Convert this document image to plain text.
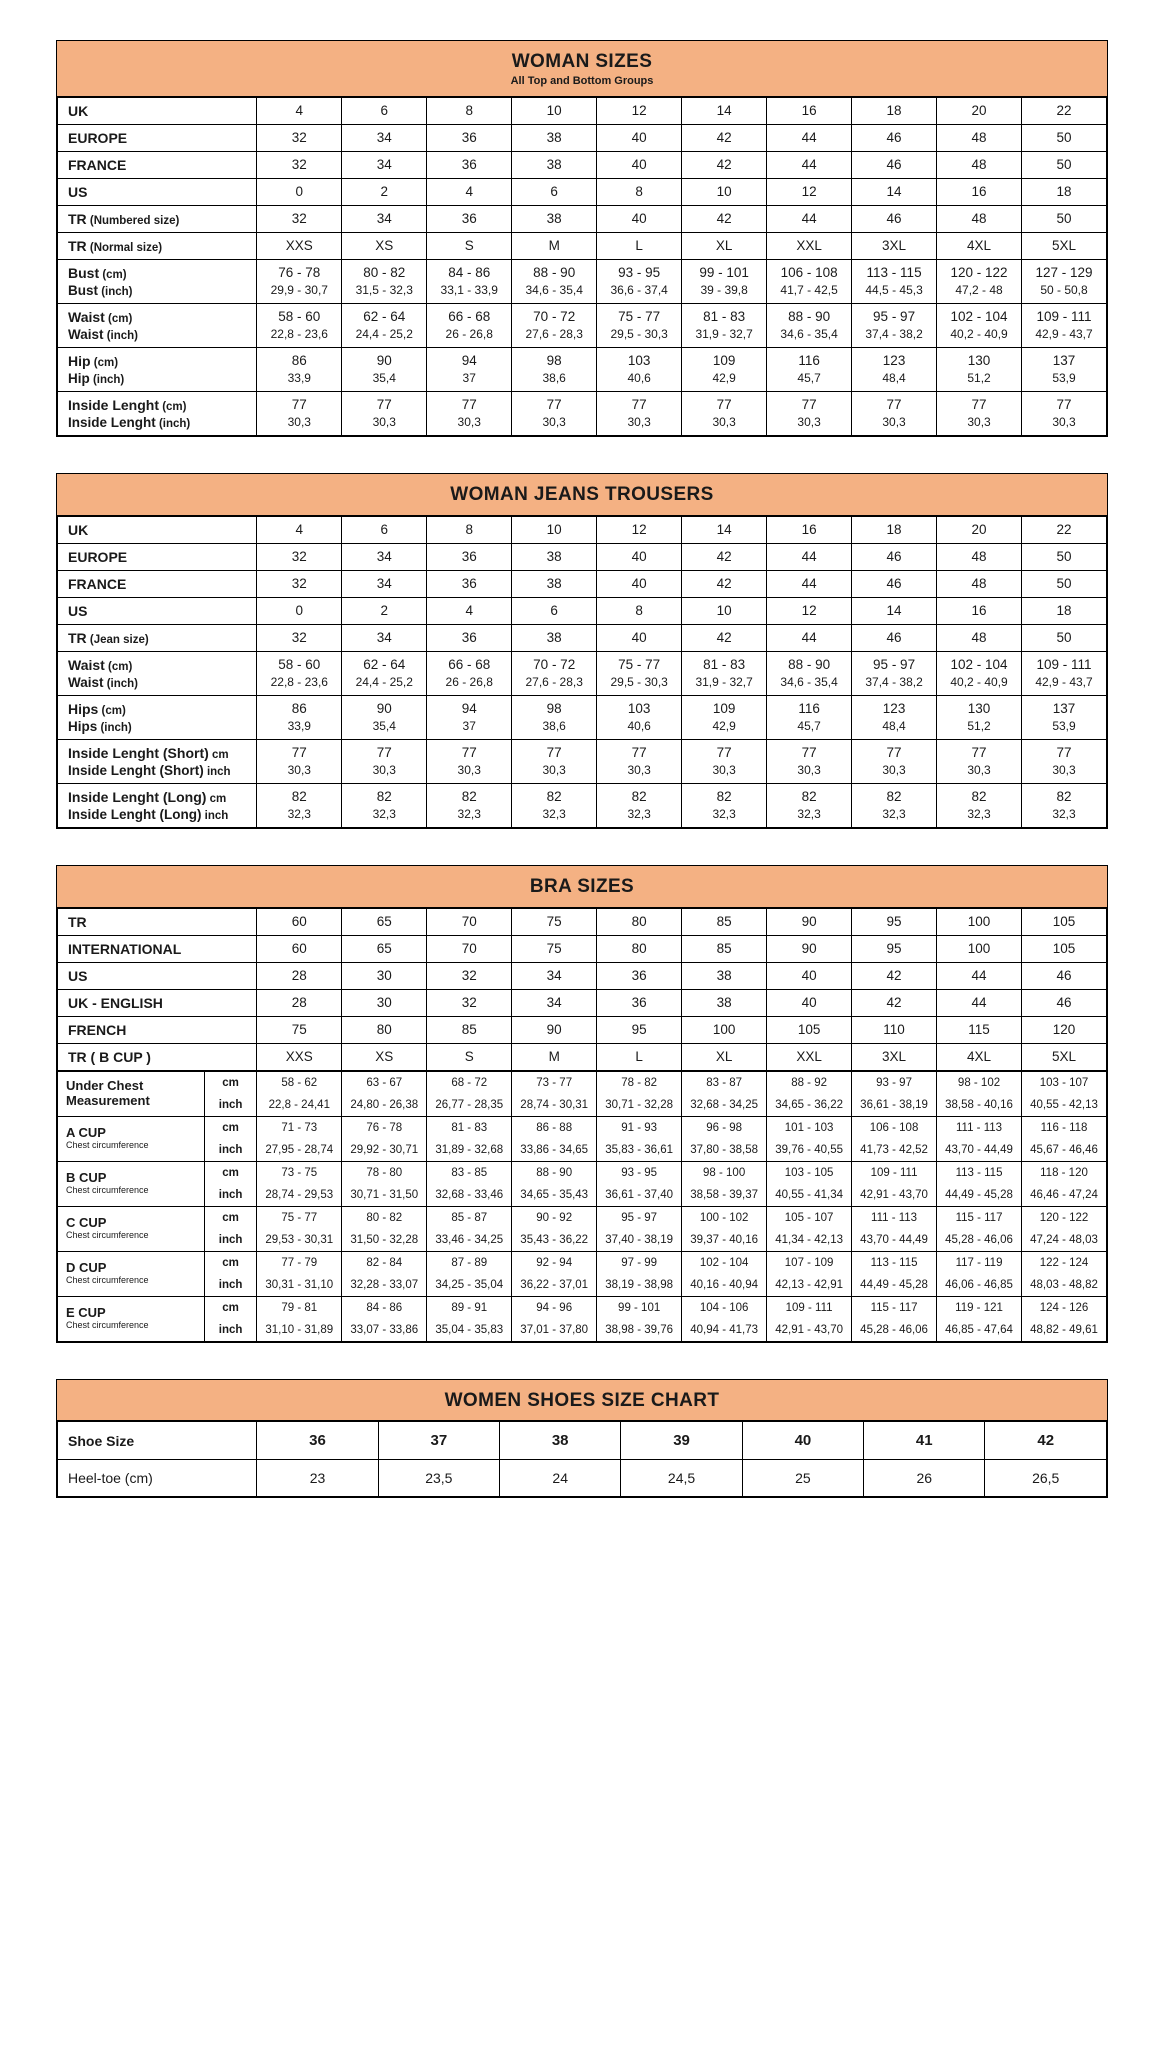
WOMAN SIZES
All Top and Bottom Groups
UK	4	6	8	10	12	14	16	18	20	22
EUROPE	32	34	36	38	40	42	44	46	48	50
FRANCE	32	34	36	38	40	42	44	46	48	50
US	0	2	4	6	8	10	12	14	16	18
TR (Numbered size)	32	34	36	38	40	42	44	46	48	50
TR (Normal size)	XXS	XS	S	M	L	XL	XXL	3XL	4XL	5XL
Bust (cm)	76 - 78	80 - 82	84 - 86	88 - 90	93 - 95	99 - 101	106 - 108	113 - 115	120 - 122	127 - 129
Bust (inch)	29,9 - 30,7	31,5 - 32,3	33,1 - 33,9	34,6 - 35,4	36,6 - 37,4	39 - 39,8	41,7 - 42,5	44,5 - 45,3	47,2 - 48	50 - 50,8
Waist (cm)	58 - 60	62 - 64	66 - 68	70 - 72	75 - 77	81 - 83	88 - 90	95 - 97	102 - 104	109 - 111
Waist (inch)	22,8 - 23,6	24,4 - 25,2	26 - 26,8	27,6 - 28,3	29,5 - 30,3	31,9 - 32,7	34,6 - 35,4	37,4 - 38,2	40,2 - 40,9	42,9 - 43,7
Hip (cm)	86	90	94	98	103	109	116	123	130	137
Hip (inch)	33,9	35,4	37	38,6	40,6	42,9	45,7	48,4	51,2	53,9
Inside Lenght (cm)	77	77	77	77	77	77	77	77	77	77
Inside Lenght (inch)	30,3	30,3	30,3	30,3	30,3	30,3	30,3	30,3	30,3	30,3
WOMAN JEANS TROUSERS
UK	4	6	8	10	12	14	16	18	20	22
EUROPE	32	34	36	38	40	42	44	46	48	50
FRANCE	32	34	36	38	40	42	44	46	48	50
US	0	2	4	6	8	10	12	14	16	18
TR (Jean size)	32	34	36	38	40	42	44	46	48	50
Waist (cm)	58 - 60	62 - 64	66 - 68	70 - 72	75 - 77	81 - 83	88 - 90	95 - 97	102 - 104	109 - 111
Waist (inch)	22,8 - 23,6	24,4 - 25,2	26 - 26,8	27,6 - 28,3	29,5 - 30,3	31,9 - 32,7	34,6 - 35,4	37,4 - 38,2	40,2 - 40,9	42,9 - 43,7
Hips (cm)	86	90	94	98	103	109	116	123	130	137
Hips (inch)	33,9	35,4	37	38,6	40,6	42,9	45,7	48,4	51,2	53,9
Inside Lenght (Short) cm	77	77	77	77	77	77	77	77	77	77
Inside Lenght (Short) inch	30,3	30,3	30,3	30,3	30,3	30,3	30,3	30,3	30,3	30,3
Inside Lenght (Long) cm	82	82	82	82	82	82	82	82	82	82
Inside Lenght (Long) inch	32,3	32,3	32,3	32,3	32,3	32,3	32,3	32,3	32,3	32,3
BRA SIZES
TR	60	65	70	75	80	85	90	95	100	105
INTERNATIONAL	60	65	70	75	80	85	90	95	100	105
US	28	30	32	34	36	38	40	42	44	46
UK - ENGLISH	28	30	32	34	36	38	40	42	44	46
FRENCH	75	80	85	90	95	100	105	110	115	120
TR ( B CUP )	XXS	XS	S	M	L	XL	XXL	3XL	4XL	5XL
Under Chest
Measurement	cm	58 - 62	63 - 67	68 - 72	73 - 77	78 - 82	83 - 87	88 - 92	93 - 97	98 - 102	103 - 107
	inch	22,8 - 24,41	24,80 - 26,38	26,77 - 28,35	28,74 - 30,31	30,71 - 32,28	32,68 - 34,25	34,65 - 36,22	36,61 - 38,19	38,58 - 40,16	40,55 - 42,13
A CUP
Chest circumference	cm	71 - 73	76 - 78	81 - 83	86 - 88	91 - 93	96 - 98	101 - 103	106 - 108	111 - 113	116 - 118
	inch	27,95 - 28,74	29,92 - 30,71	31,89 - 32,68	33,86 - 34,65	35,83 - 36,61	37,80 - 38,58	39,76 - 40,55	41,73 - 42,52	43,70 - 44,49	45,67 - 46,46
B CUP
Chest circumference	cm	73 - 75	78 - 80	83 - 85	88 - 90	93 - 95	98 - 100	103 - 105	109 - 111	113 - 115	118 - 120
	inch	28,74 - 29,53	30,71 - 31,50	32,68 - 33,46	34,65 - 35,43	36,61 - 37,40	38,58 - 39,37	40,55 - 41,34	42,91 - 43,70	44,49 - 45,28	46,46 - 47,24
C CUP
Chest circumference	cm	75 - 77	80 - 82	85 - 87	90 - 92	95 - 97	100 - 102	105 - 107	111 - 113	115 - 117	120 - 122
	inch	29,53 - 30,31	31,50 - 32,28	33,46 - 34,25	35,43 - 36,22	37,40 - 38,19	39,37 - 40,16	41,34 - 42,13	43,70 - 44,49	45,28 - 46,06	47,24 - 48,03
D CUP
Chest circumference	cm	77 - 79	82 - 84	87 - 89	92 - 94	97 - 99	102 - 104	107 - 109	113 - 115	117 - 119	122 - 124
	inch	30,31 - 31,10	32,28 - 33,07	34,25 - 35,04	36,22 - 37,01	38,19 - 38,98	40,16 - 40,94	42,13 - 42,91	44,49 - 45,28	46,06 - 46,85	48,03 - 48,82
E CUP
Chest circumference	cm	79 - 81	84 - 86	89 - 91	94 - 96	99 - 101	104 - 106	109 - 111	115 - 117	119 - 121	124 - 126
	inch	31,10 - 31,89	33,07 - 33,86	35,04 - 35,83	37,01 - 37,80	38,98 - 39,76	40,94 - 41,73	42,91 - 43,70	45,28 - 46,06	46,85 - 47,64	48,82 - 49,61
WOMEN SHOES SIZE CHART
Shoe Size	36	37	38	39	40	41	42
Heel-toe (cm)	23	23,5	24	24,5	25	26	26,5
